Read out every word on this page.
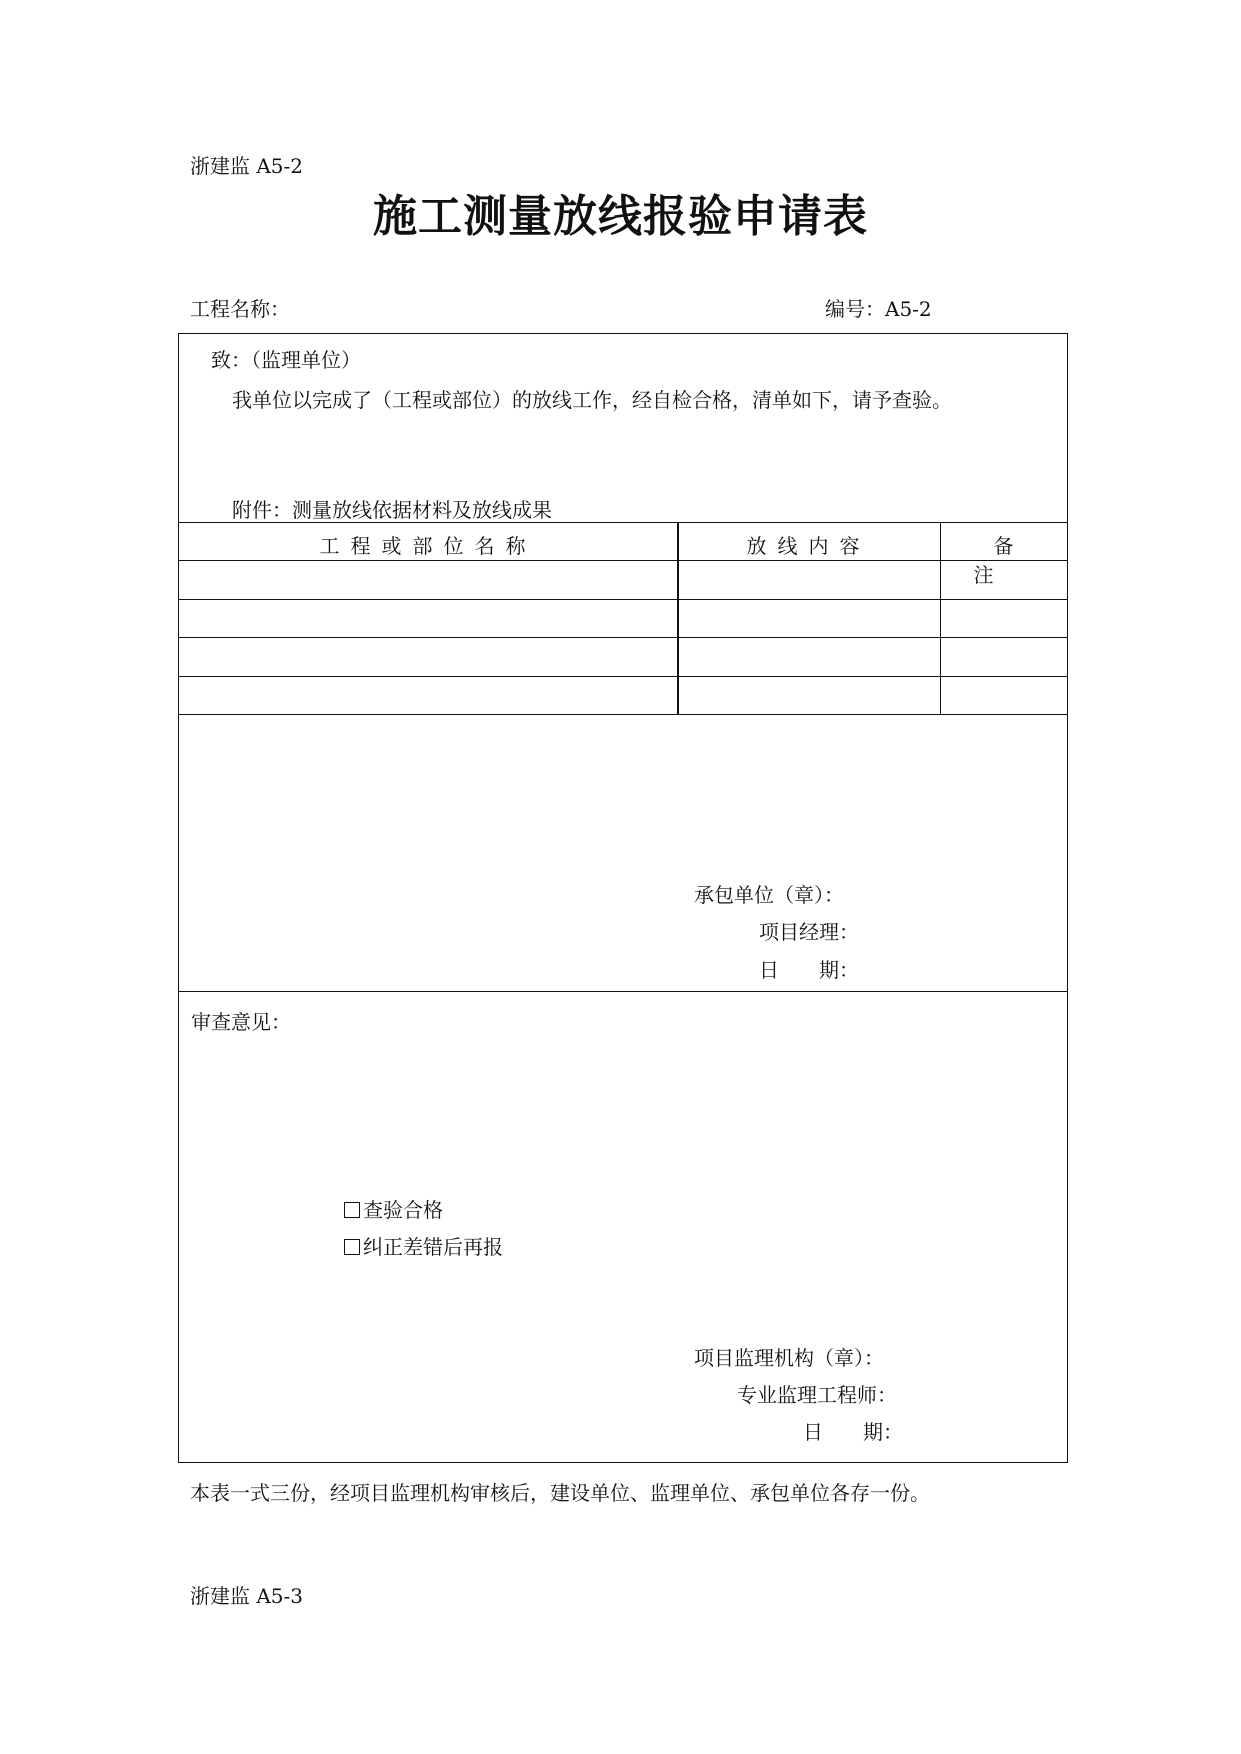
浙建监 A5-2
施工测量放线报验申请表
工程名称：	编号：A5-2
致：（监理单位）
我单位以完成了（工程或部位）的放线工作，经自检合格，清单如下，请予查验。
附件：测量放线依据材料及放线成果
工程或部位名称	放线内容	备注
承包单位（章）：
项目经理：
日　　期：
审查意见：
查验合格
纠正差错后再报
项目监理机构（章）：
专业监理工程师：
日　　期：
本表一式三份，经项目监理机构审核后，建设单位、监理单位、承包单位各存一份。
浙建监 A5-3
